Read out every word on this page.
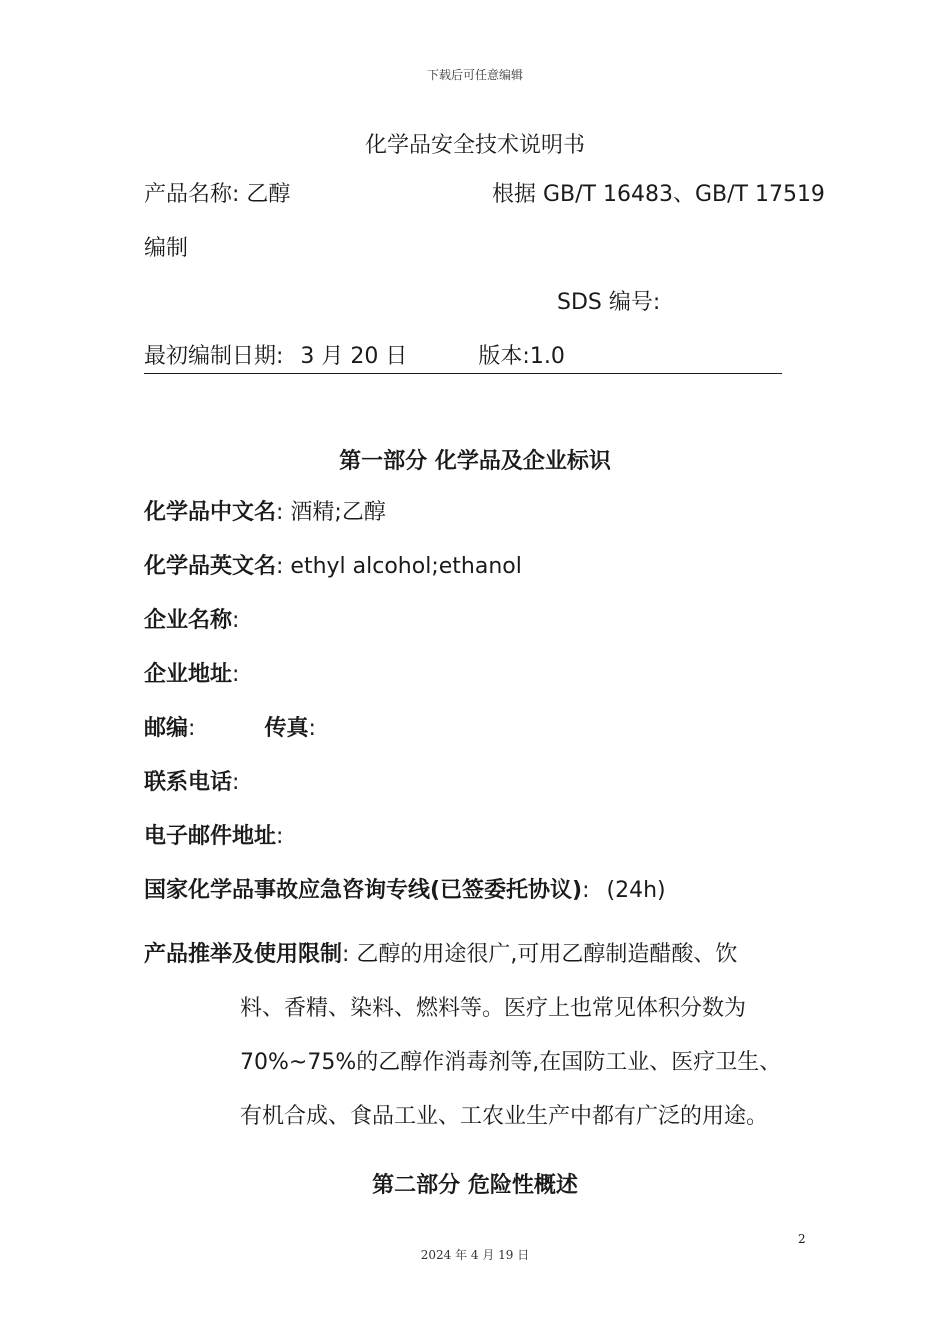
下载后可任意编辑
化学品安全技术说明书
产品名称: 乙醇	根据 GB/T 16483、GB/T 17519
编制
SDS 编号:
最初编制日期: 3 月 20 日	版本:1.0
第一部分 化学品及企业标识
化学品中文名: 酒精;乙醇
化学品英文名: ethyl alcohol;ethanol
企业名称:
企业地址:
邮编:	传真:
联系电话:
电子邮件地址:
国家化学品事故应急咨询专线(已签委托协议): (24h)
产品推举及使用限制: 乙醇的用途很广,可用乙醇制造醋酸、饮
料、香精、染料、燃料等。医疗上也常见体积分数为
70%~75%的乙醇作消毒剂等,在国防工业、医疗卫生、
有机合成、食品工业、工农业生产中都有广泛的用途。
第二部分 危险性概述
2
2024 年 4 月 19 日
